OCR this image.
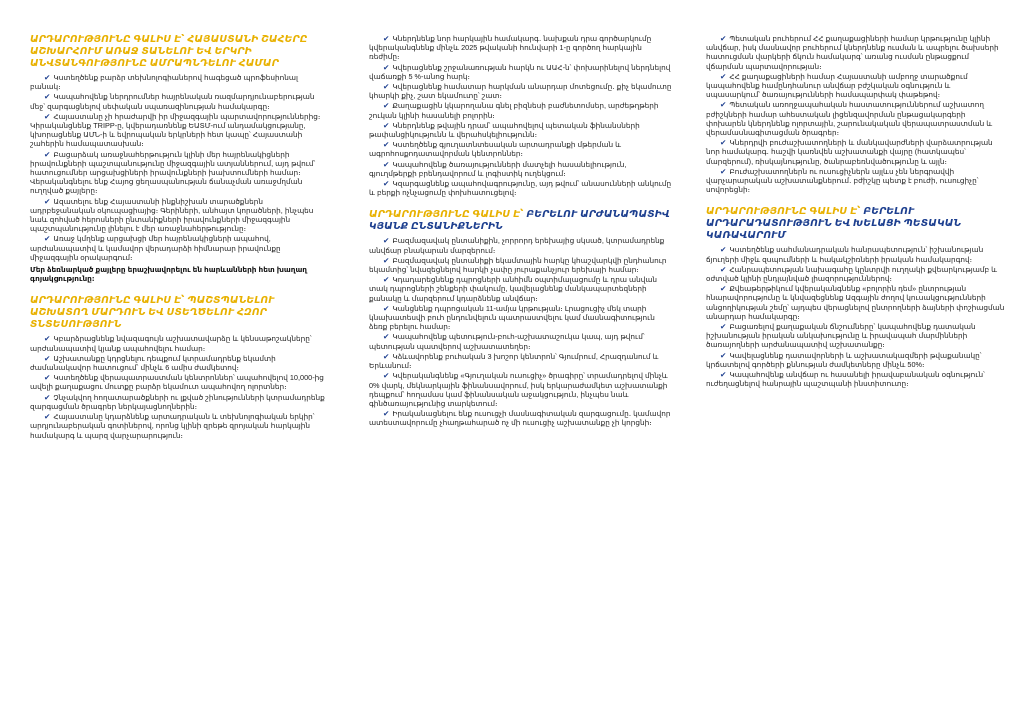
ԱՐԴԱՐՈՒԹՅՈՒՆԸ ԳԱԼԻՍ Է՝ ՀԱՅԱՍՏԱՆԻ ՇԱՀԵՐԸ ԱՇԽԱՐՀՈՒՄ ԱՌԱՋ ՏԱՆԵԼՈՒ ԵՎ ԵՐԿՐԻ ԱՆՎՏԱՆԳՈՒԹՅՈՒՆԸ ԱՄՐԱՊՆԴԵԼՈՒ ՀԱՄԱՐ

✔ Կստեղծենք բարձր տեխնոլոգիաներով հագեցած պրոֆեսիոնալ բանակ։

✔ Կապահովենք ներդրումներ հայրենական ռազմարդյունաբերության մեջ՝ զարգացնելով սեփական սպառազինության համակարգը։

✔ Հայաստանը չի հրաժարվի իր միջազգային պարտավորություններից։ Կիրականցնենք TRIPP-ը, կվերադառնենք ԵԱՏՄ-ում անդամակցությանը, կխորացնենք ԱՄՆ-ի և եվրոպական երկրների հետ կապը՝ Հայաստանի շահերին համապատասխան։

✔ Բացարձակ առաջնահերթություն կլինի մեր հայրենակիցների իրավունքների պաշտպանությունը միջազգային ատյաններում, այդ թվում՝ հատուցումներ արցախցիների իրավունքների խախտումների համար։ Վերականգնելու ենք Հայոց ցեղասպանության ճանաչման առաջմղման ուղղված քայլերը։

✔ Ազատելու ենք Հայաստանի ինքնիշխան տարածքներն ադրբեջանական օկուպացիայից։ Գերիների, անհայտ կորածների, ինչպես նաև զոհված հերոսների ընտանիքների իրավունքների միջազգային պաշտպանությունը լինելու է մեր առաջնահերթությունը։

✔ Առաջ կմղենք արցախցի մեր հայրենակիցների ապահով, արժանապատիվ և կամավոր վերադարձի հիմնարար իրավունքը միջազգային օրակարգում։

Մեր ձեռնարկած քայլերը երաշխավորելու են հարևանների հետ խաղաղ գոյակցությունը։

ԱՐԴԱՐՈՒԹՅՈՒՆԸ ԳԱԼԻՍ Է՝ ՊԱՇՏՊԱՆԵԼՈՒ ԱՇԽԱՏՈՂ ՄԱՐԴՈՒՆ ԵՎ ՍՏԵՂԾԵԼՈՒ ՀԶՈՐ ՏՆՏԵՍՈՒԹՅՈՒՆ

✔ Կբարձրացնենք նվազագույն աշխատավարձը և կենսաթոշակները՝ արժանապատիվ կյանք ապահովելու համար։

✔ Աշխատանքը կդրցնելու դեպքում կտրամադրենք եկամտի ժամանակավոր հատուցում՝ մինչև 6 ամիս ժամկետով։

✔ Կստեղծենք վերապատրաստման կենտրոններ՝ ապահովելով 10,000-ից ավելի քաղաքացու մուտքը բարձր եկամուտ ապահովող ոլորտներ։

✔ Չնչակվող հողատարածքների ու լքված շինությունների կտրամադրենք զարգացման ծրագրեր ներկայացնողներին։

✔ Հայաստանը կդարձնենք արտադրական և տեխնոլոգիական երկիր՝ արդյունաբերական գոտիներով, որոնց կլինի զրեթե զրոյական հարկային համակարգ և պարզ վարչարարություն։

✔ Կներդնենք նոր հարկային համակարգ․ նախքան դրա գործարկումը կվերականգնենք մինչև 2025 թվականի հունվարի 1-ը գործող հարկային ռեժիմը։

✔ Կվերացնենք շրջանառության հարկն ու ԱԱՀ-ն՝ փոխարինելով ներդնելով վաճառքի 5 %-անոց հարկ։

✔ Կվերացնենք համատար հարկման անարդար մոտեցումը․ քիչ եկամուտը կհարկի քիչ, շատ եկամուտը՝ շատ։

✔ Քաղաքացին կկարողանա գնել բիզնեսի բաժնետոմսեր, արժեթղթերի շուկան կլինի հասանելի բոլորին։

✔ Կներդնենք թվային դրամ՝ ապահովելով պետական ֆինանսների թափանցիկությունն և վերահսկելիությունն։

✔ Կստեղծենք գյուղատնտեսական արտադրանքի մթերման և ագրոհոսքոդատավորման կենտրոններ։

✔ Կապահովենք ծառայությունների մատչելի հասանելիություն, գյուղմթերքի բրենդավորում և լոգիստիկ ուղեկցում։

✔ Կզարգացնենք ապահովագրությունը, այդ թվում՝ անասունների անկումը և բերքի ոչնչացումը փոխհատուցելով։

ԱՐԴԱՐՈՒԹՅՈՒՆԸ ԳԱԼԻՍ Է՝ ԲԵՐԵԼՈՒ ԱՐԺԱՆԱՊԱՏԻՎ ԿՅԱՆՔ ԸՆՏԱՆԻՔՆԵՐԻՆ

✔ Բազմազավակ ընտանիքին, չորրորդ երեխայից սկսած, կտրամադրենք անվճար բնակարան մարզերում։

✔ Բազմազավակ ընտանիքի եկամտային հարկը կհաշվարկվի ընդհանուր եկամտից՝ նվազեցնելով հարկի չափը յուրաքանչյուր երեխայի համար։

✔ Կդադարեցնենք դպրոցների անհիմն օպտիմալացումը և դրա անվան տակ դպրոցների շենքերի փակումը, կավելացնենք մանկապարտեզների քանակը և մարզերում կդարձնենք անվճար։

✔ Կանցնենք դպրոցական 11-ամյա կրթության։ Լրացուցիչ մեկ տարի կնախատեսվի բուհ ընդունվելուն պատրաստվելու կամ մասնագիտություն ձեռք բերելու համար։

✔ Կապահովենք պետություն-բուհ-աշխատաշուկա կապ, այդ թվում՝ պետության պատվերով աշխատատեղեր։

✔ Կձևավորենք բուհական 3 խոշոր կենտրոն՝ Գյումրում, Հրազդանում և Երևանում։

✔ Կվերականգնենք «Գյուղական ուսուցիչ» ծրագիրը՝ տրամադրելով մինչև 0% վարկ, մեկնարկային ֆինանսավորում, իսկ երկարաժամկետ աշխատանքի դեպքում՝ հողամաս կամ ֆինանսական աջակցություն, ինչպես նաև գինծառայությունից տարկետում։

✔ Իրականացնելու ենք ուսուցչի մասնագիտական զարգացումը․ կամավոր ատեստավորումը չհաղթահարած ոչ մի ուսուցիչ աշխատանքը չի կորցնի։

✔ Պետական բուհերում ՀՀ քաղաքացիների համար կրթությունը կլինի անվճար, իսկ մասնավոր բուհերում կներդնենք ուսման և ապրելու ծախսերի հատուցման վարկերի ճկուն համակարգ՝ առանց ուսման ընթացքում վճարման պարտավորության։

✔ ՀՀ քաղաքացիների համար Հայաստանի ամբողջ տարածքում կապահովենք համընդհանուր անվճար բժշկական օգնություն և սպասարկում՝ ծառայությունների համապարփակ փաթեթով։

✔ Պետական առողջապահական հաստատություններում աշխատող բժիշկների համար ահեստական լիցենզավորման ընթացակարգերի փոխարեն կներդնենք ոլորտային, շարունակական վերապատրաստման և վերամասնագիտացման ծրագրեր։

✔ Կներդրվի բուժաշխատողների և մանկավարժների վարձատրության նոր համակարգ․ հաշվի կառնվեն աշխատանքի վայրը (հատկապես՝ մարզերում), ռիսկայնությունը, ծանրաբեռնվածությունը և այլն։

✔ Բուժաշխատողներն ու ուսուցիչներն այլևս չեն ներգրավվի վարչարարական աշխատանքներում․ բժիշկը պետք է բուժի, ուսուցիչը՝ սովորեցնի։

ԱՐԴԱՐՈՒԹՅՈՒՆԸ ԳԱԼԻՍ Է՝ ԲԵՐԵԼՈՒ ԱՐԴԱՐԱԴԱՏՈՒԹՅՈՒՆ ԵՎ ԽԵԼԱՑԻ ՊԵՏԱԿԱՆ ԿԱՌԱՎԱՐՈՒՄ

✔ Կստեղծենք սահմանադրական հանրապետություն՝ իշխանության ճյուղերի միջև զսպումների և հակակշիռների իրական համակարգով։

✔ Հանրապետության նախագահը կընտրվի ուղղակի քվեարկությամբ և օժտված կլինի ընդլայնված լիազորություններով։

✔ Քվեաթերթիկում կվերականգնենք «բոլորին դեմ» ընտրության հնարավորությունը և կնվազեցնենք Ազգային ժողով կուսակցությունների անցողիկության շեմը՝ այդպես վերացնելով ընտրողների ձայների փոշիացման անարդար համակարգը։

✔ Բացառելով քաղաքական ճնշումները՝ կապահովենք դատական իշխանության իրական անկախությունը և իրավապահ մարմինների ծառայողների արժանապատիվ աշխատանքը։

✔ Կավելացնենք դատավորների և աշխատակազմերի թվաքանակը՝ կրճատելով գործերի քննության ժամկետները մինչև 50%։

✔ Կապահովենք անվճար ու հասանելի իրավաբանական օգնություն՝ ուժեղացնելով հանրային պաշտպանի ինստիտուտը։
